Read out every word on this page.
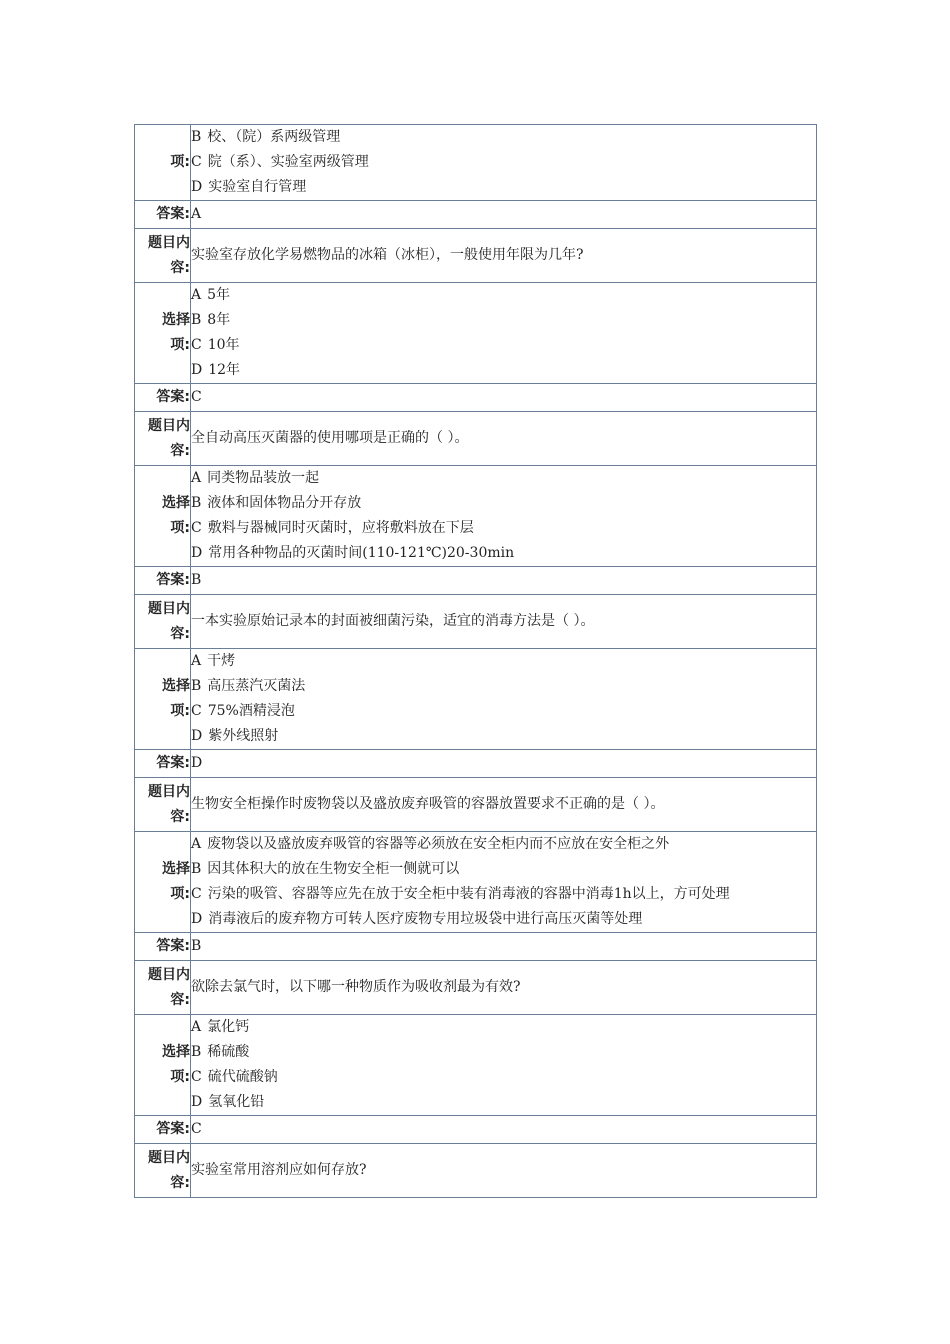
项:	B 校、（院）系两级管理
C 院（系）、实验室两级管理
D 实验室自行管理

答案:	A
题目内
容:	实验室存放化学易燃物品的冰箱（冰柜），一般使用年限为几年?
选择
项:	A 5年
B 8年
C 10年
D 12年

答案:	C
题目内
容:	全自动高压灭菌器的使用哪项是正确的（ ）。
选择
项:	A 同类物品装放一起
B 液体和固体物品分开存放
C 敷料与器械同时灭菌时，应将敷料放在下层
D 常用各种物品的灭菌时间(110-121℃)20-30min

答案:	B
题目内
容:	一本实验原始记录本的封面被细菌污染，适宜的消毒方法是（ ）。
选择
项:	A 干烤
B 高压蒸汽灭菌法
C 75%酒精浸泡
D 紫外线照射

答案:	D
题目内
容:	生物安全柜操作时废物袋以及盛放废弃吸管的容器放置要求不正确的是（ ）。
选择
项:	A 废物袋以及盛放废弃吸管的容器等必须放在安全柜内而不应放在安全柜之外
B 因其体积大的放在生物安全柜一侧就可以
C 污染的吸管、容器等应先在放于安全柜中装有消毒液的容器中消毒1h以上，方可处理
D 消毒液后的废弃物方可转人医疗废物专用垃圾袋中进行高压灭菌等处理

答案:	B
题目内
容:	欲除去氯气时，以下哪一种物质作为吸收剂最为有效?
选择
项:	A 氯化钙
B 稀硫酸
C 硫代硫酸钠
D 氢氧化铅

答案:	C
题目内
容:	实验室常用溶剂应如何存放?
